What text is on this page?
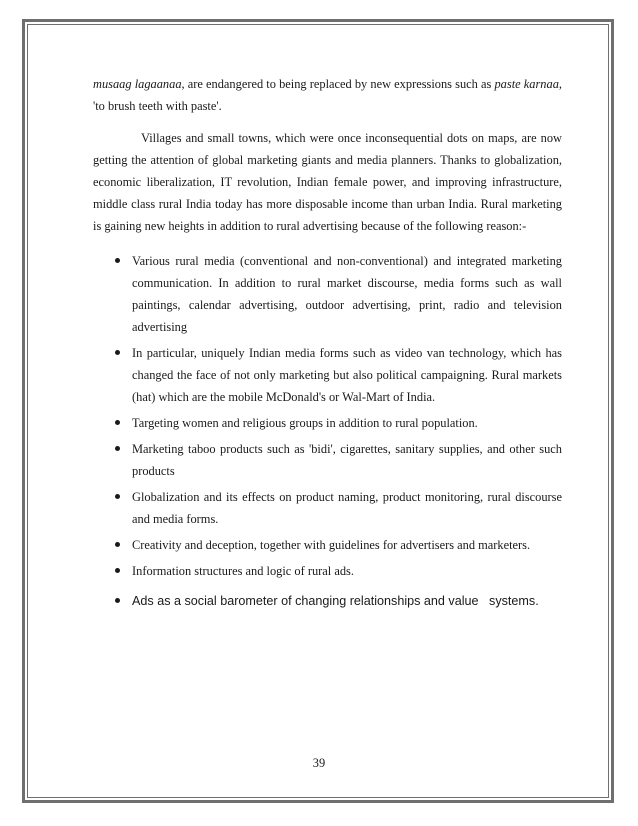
musaag lagaanaa, are endangered to being replaced by new expressions such as paste karnaa, 'to brush teeth with paste'.

Villages and small towns, which were once inconsequential dots on maps, are now getting the attention of global marketing giants and media planners. Thanks to globalization, economic liberalization, IT revolution, Indian female power, and improving infrastructure, middle class rural India today has more disposable income than urban India. Rural marketing is gaining new heights in addition to rural advertising because of the following reason:-

Various rural media (conventional and non-conventional) and integrated marketing communication. In addition to rural market discourse, media forms such as wall paintings, calendar advertising, outdoor advertising, print, radio and television advertising
In particular, uniquely Indian media forms such as video van technology, which has changed the face of not only marketing but also political campaigning. Rural markets (hat) which are the mobile McDonald's or Wal-Mart of India.
Targeting women and religious groups in addition to rural population.
Marketing taboo products such as 'bidi', cigarettes, sanitary supplies, and other such products
Globalization and its effects on product naming, product monitoring, rural discourse and media forms.
Creativity and deception, together with guidelines for advertisers and marketers.
Information structures and logic of rural ads.
Ads as a social barometer of changing relationships and value   systems.
39
